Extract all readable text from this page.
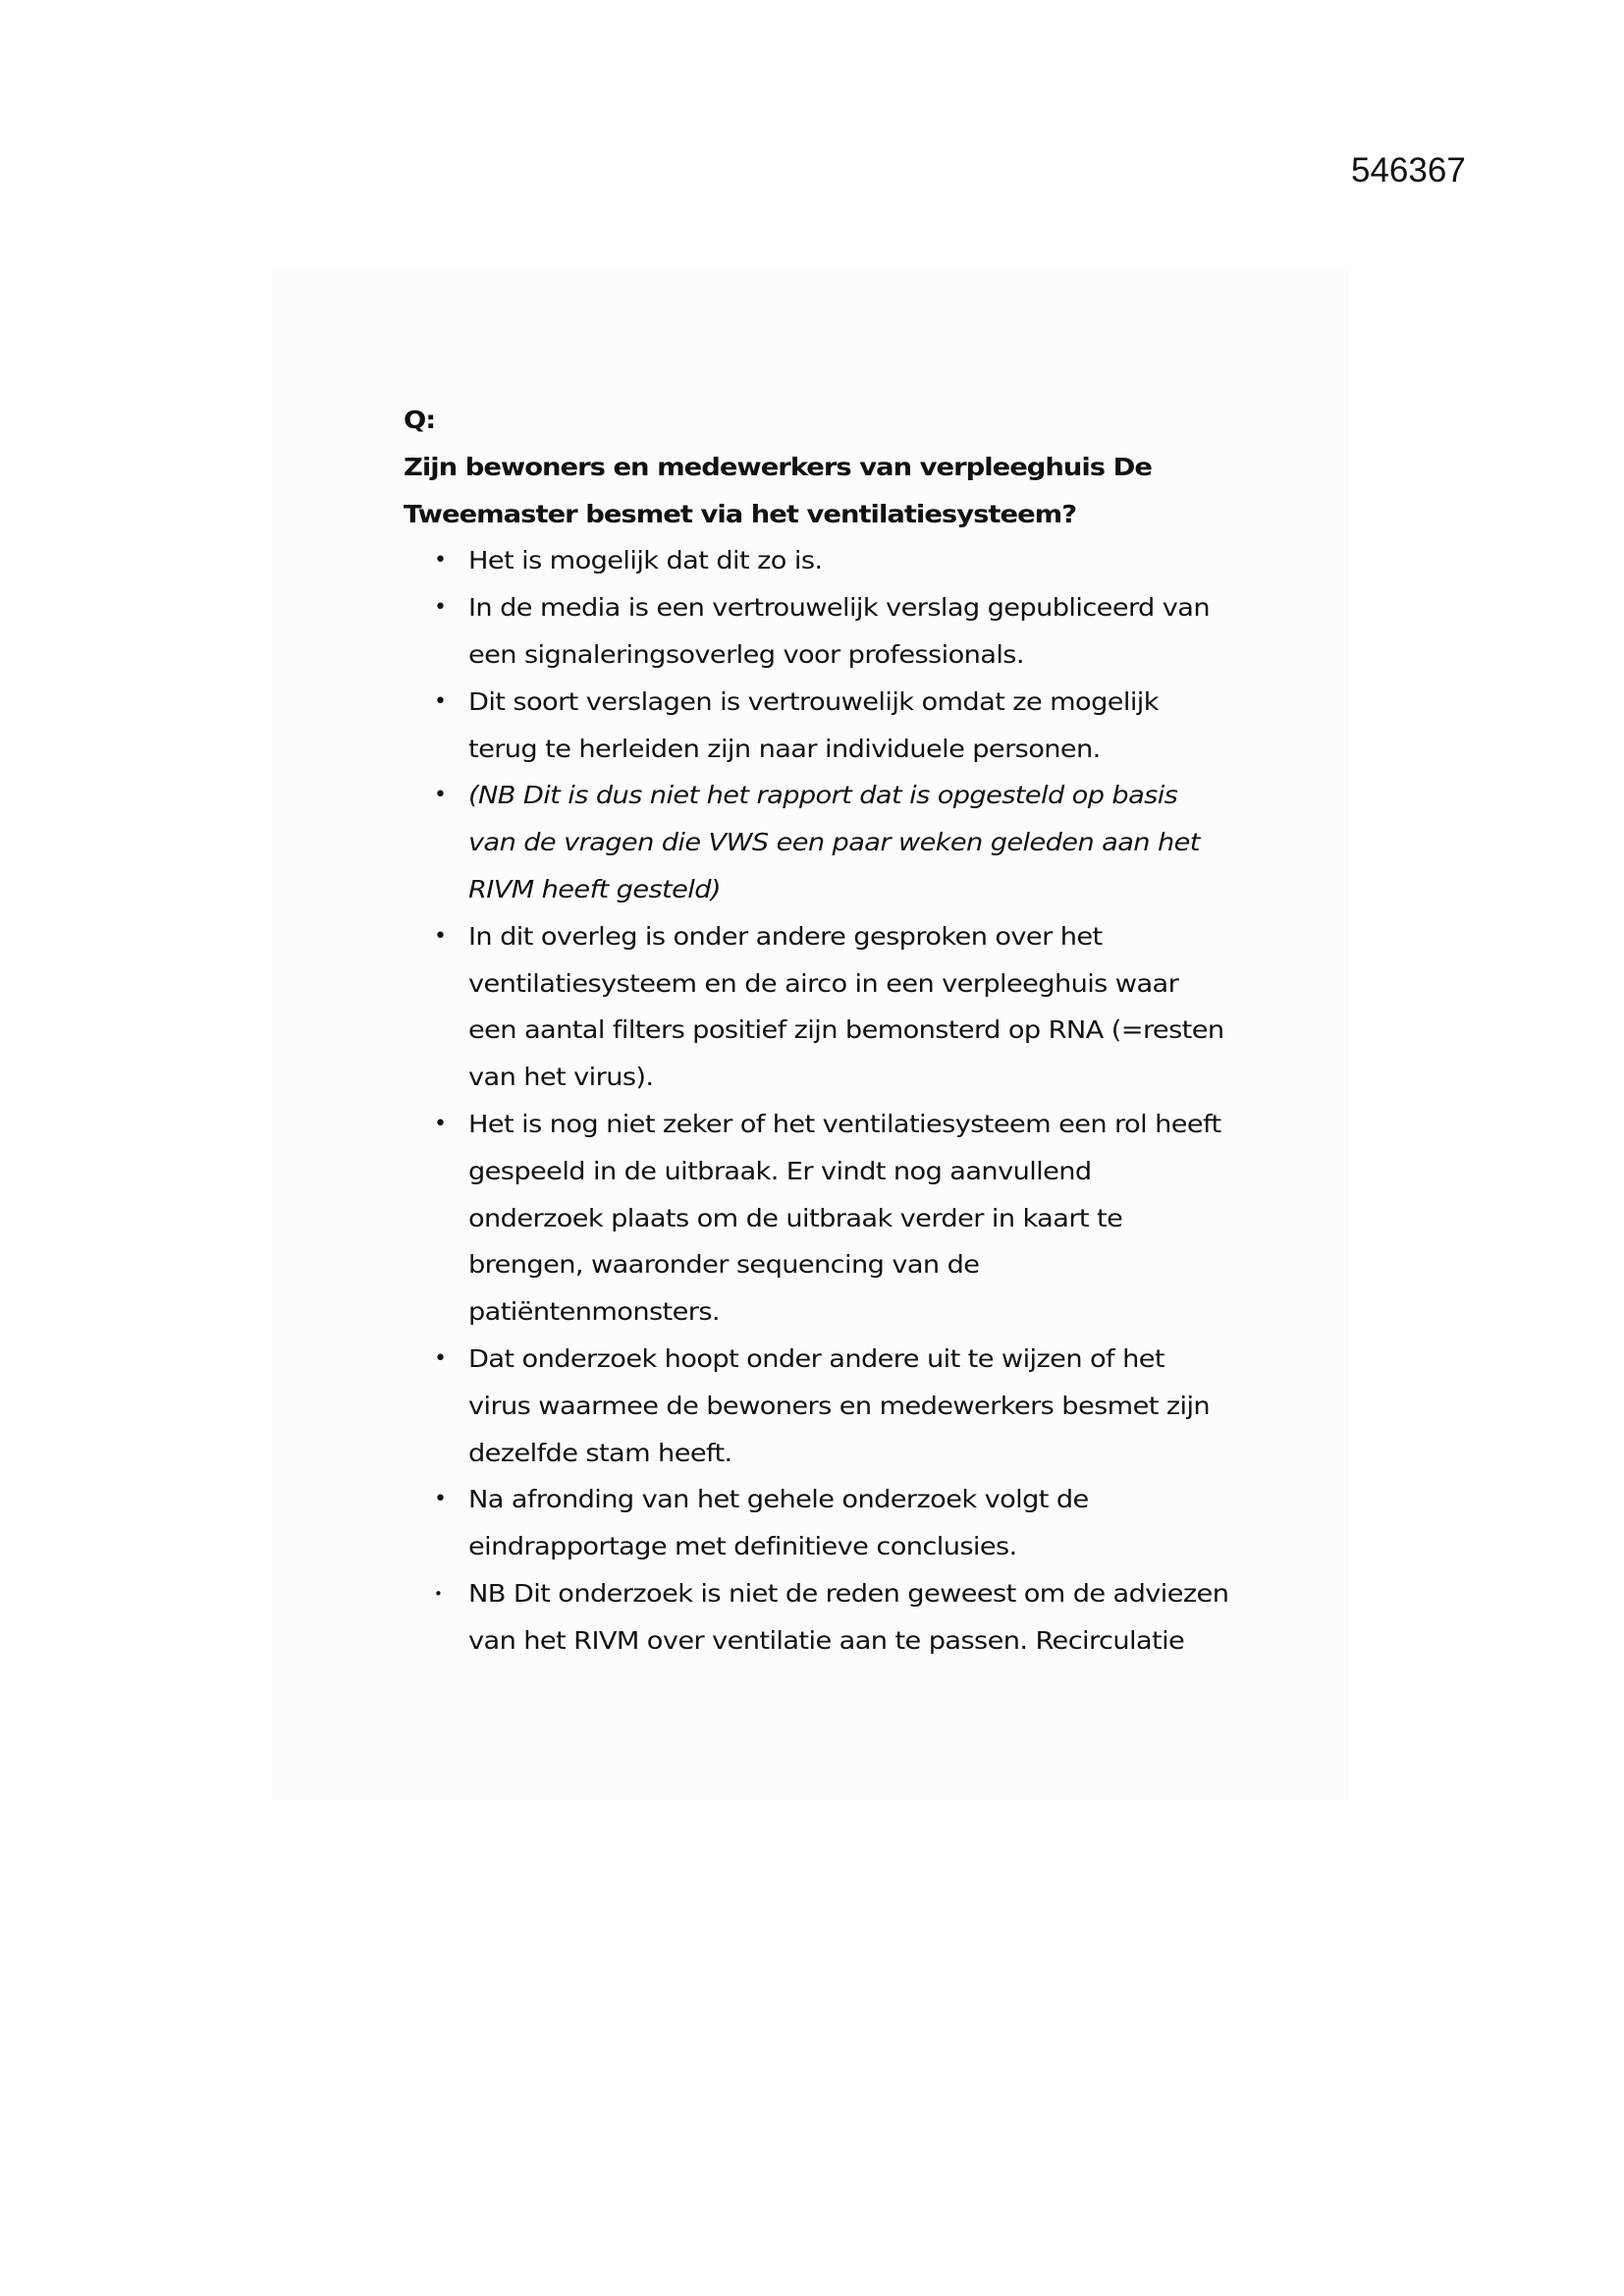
546367
Q:
Zijn bewoners en medewerkers van verpleeghuis De
Tweemaster besmet via het ventilatiesysteem?
• Het is mogelijk dat dit zo is.
• In de media is een vertrouwelijk verslag gepubliceerd van
een signaleringsoverleg voor professionals.
• Dit soort verslagen is vertrouwelijk omdat ze mogelijk
terug te herleiden zijn naar individuele personen.
• (NB Dit is dus niet het rapport dat is opgesteld op basis
van de vragen die VWS een paar weken geleden aan het
RIVM heeft gesteld)
• In dit overleg is onder andere gesproken over het
ventilatiesysteem en de airco in een verpleeghuis waar
een aantal filters positief zijn bemonsterd op RNA (=resten
van het virus).
• Het is nog niet zeker of het ventilatiesysteem een rol heeft
gespeeld in de uitbraak. Er vindt nog aanvullend
onderzoek plaats om de uitbraak verder in kaart te
brengen, waaronder sequencing van de
patiëntenmonsters.
• Dat onderzoek hoopt onder andere uit te wijzen of het
virus waarmee de bewoners en medewerkers besmet zijn
dezelfde stam heeft.
• Na afronding van het gehele onderzoek volgt de
eindrapportage met definitieve conclusies.
• NB Dit onderzoek is niet de reden geweest om de adviezen
van het RIVM over ventilatie aan te passen. Recirculatie
